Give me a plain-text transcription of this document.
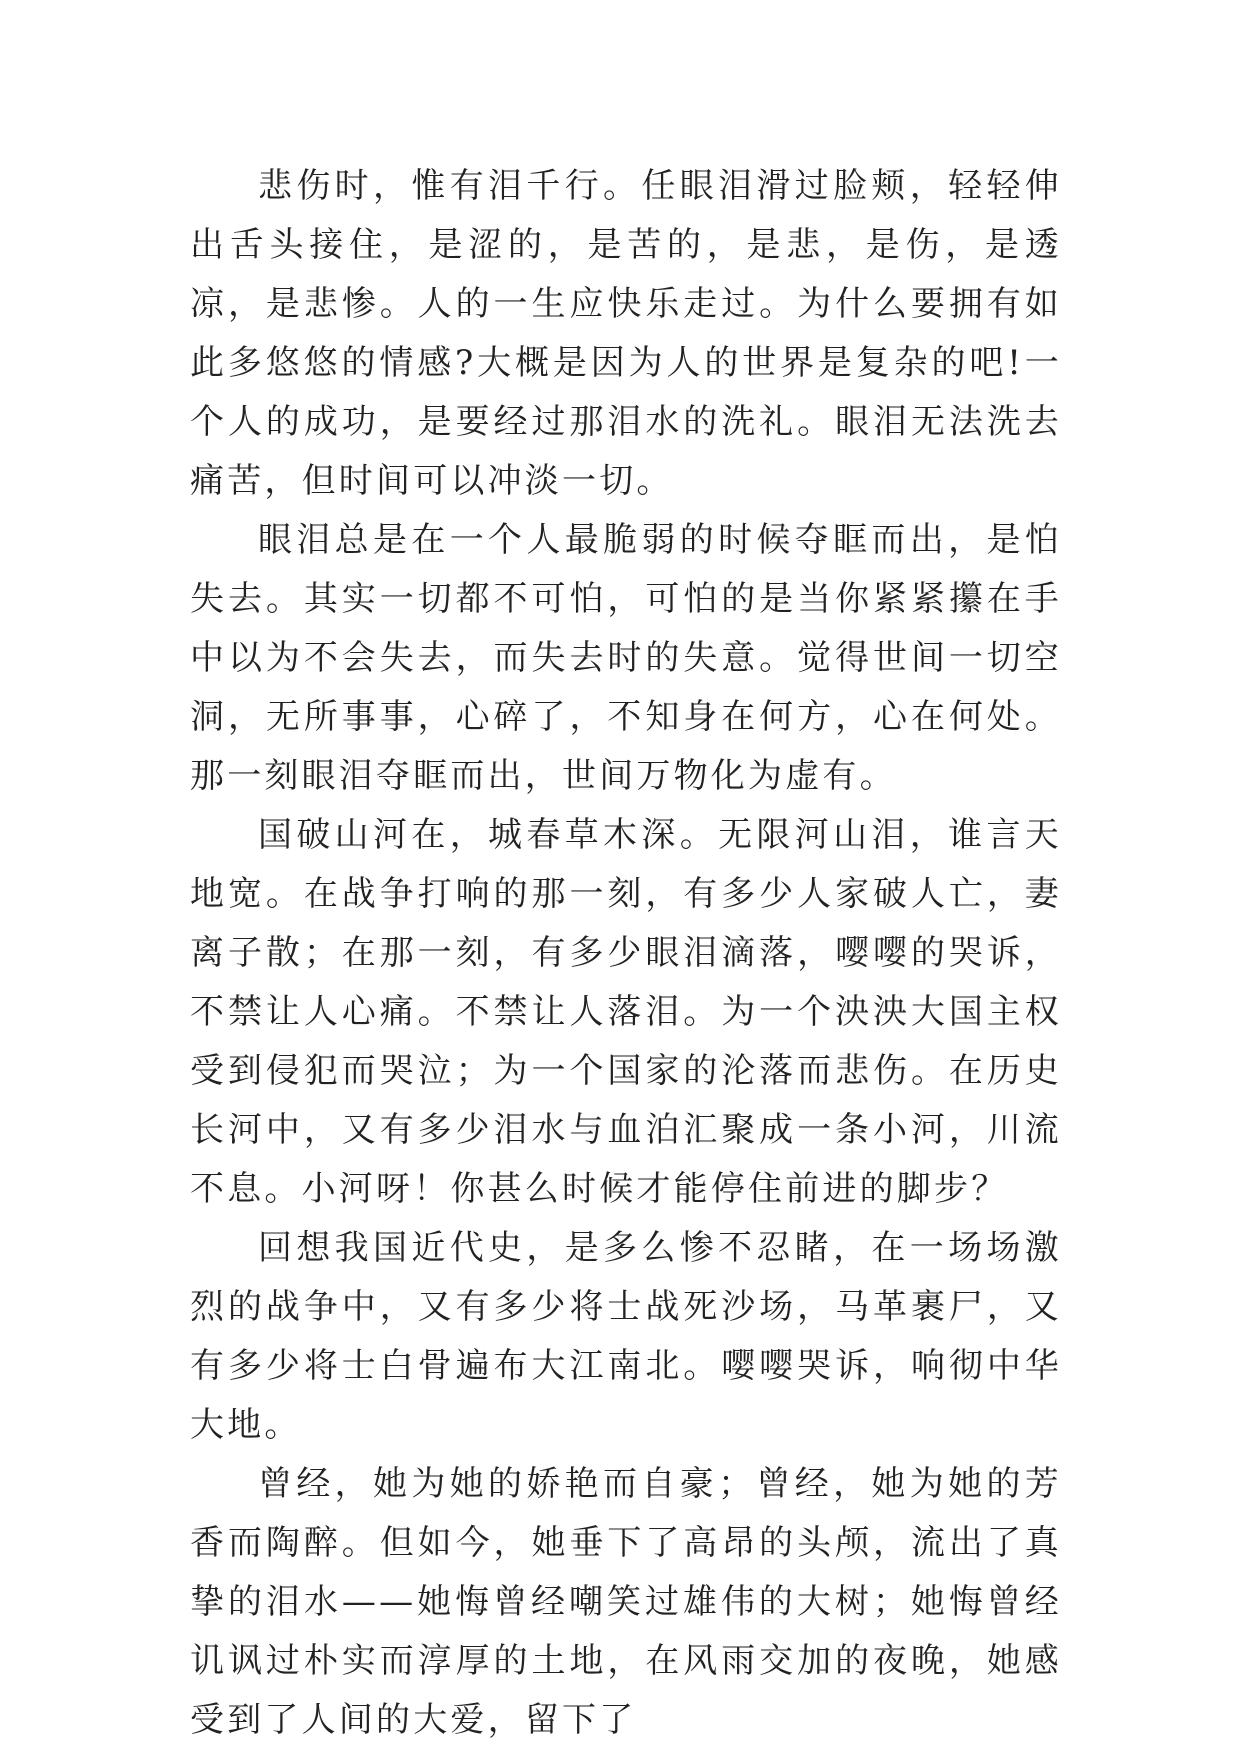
悲伤时，惟有泪千行。任眼泪滑过脸颊，轻轻伸出舌头接住，是涩的，是苦的，是悲，是伤，是透凉，是悲惨。人的一生应快乐走过。为什么要拥有如此多悠悠的情感?大概是因为人的世界是复杂的吧!一个人的成功，是要经过那泪水的洗礼。眼泪无法洗去痛苦，但时间可以冲淡一切。

眼泪总是在一个人最脆弱的时候夺眶而出，是怕失去。其实一切都不可怕，可怕的是当你紧紧攥在手中以为不会失去，而失去时的失意。觉得世间一切空洞，无所事事，心碎了，不知身在何方，心在何处。那一刻眼泪夺眶而出，世间万物化为虚有。

国破山河在，城春草木深。无限河山泪，谁言天地宽。在战争打响的那一刻，有多少人家破人亡，妻离子散；在那一刻，有多少眼泪滴落，嘤嘤的哭诉，不禁让人心痛。不禁让人落泪。为一个泱泱大国主权受到侵犯而哭泣；为一个国家的沦落而悲伤。在历史长河中，又有多少泪水与血泊汇聚成一条小河，川流不息。小河呀！你甚么时候才能停住前进的脚步？

回想我国近代史，是多么惨不忍睹，在一场场激烈的战争中，又有多少将士战死沙场，马革裹尸，又有多少将士白骨遍布大江南北。嘤嘤哭诉，响彻中华大地。

曾经，她为她的娇艳而自豪；曾经，她为她的芳香而陶醉。但如今，她垂下了高昂的头颅，流出了真挚的泪水——她悔曾经嘲笑过雄伟的大树；她悔曾经讥讽过朴实而淳厚的土地，在风雨交加的夜晚，她感受到了人间的大爱，留下了
